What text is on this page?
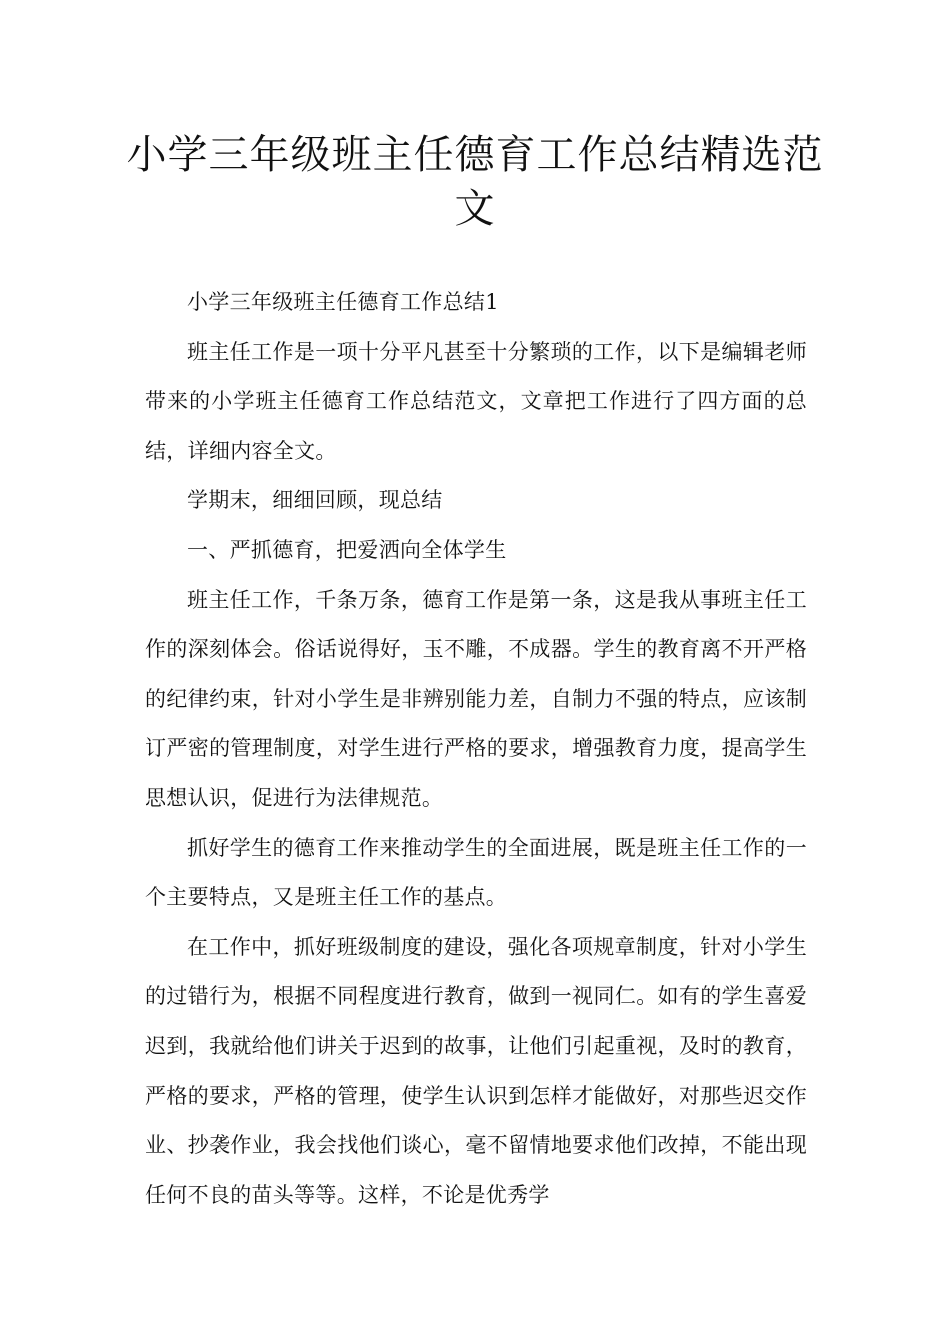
小学三年级班主任德育工作总结精选范文

小学三年级班主任德育工作总结1

班主任工作是一项十分平凡甚至十分繁琐的工作，以下是编辑老师带来的小学班主任德育工作总结范文，文章把工作进行了四方面的总结，详细内容全文。

学期末，细细回顾，现总结

一、严抓德育，把爱洒向全体学生

班主任工作，千条万条，德育工作是第一条，这是我从事班主任工作的深刻体会。俗话说得好，玉不雕，不成器。学生的教育离不开严格的纪律约束，针对小学生是非辨别能力差，自制力不强的特点，应该制订严密的管理制度，对学生进行严格的要求，增强教育力度，提高学生思想认识，促进行为法律规范。

抓好学生的德育工作来推动学生的全面进展，既是班主任工作的一个主要特点，又是班主任工作的基点。

在工作中，抓好班级制度的建设，强化各项规章制度，针对小学生的过错行为，根据不同程度进行教育，做到一视同仁。如有的学生喜爱迟到，我就给他们讲关于迟到的故事，让他们引起重视，及时的教育，严格的要求，严格的管理，使学生认识到怎样才能做好，对那些迟交作业、抄袭作业，我会找他们谈心，毫不留情地要求他们改掉，不能出现任何不良的苗头等等。这样，不论是优秀学
